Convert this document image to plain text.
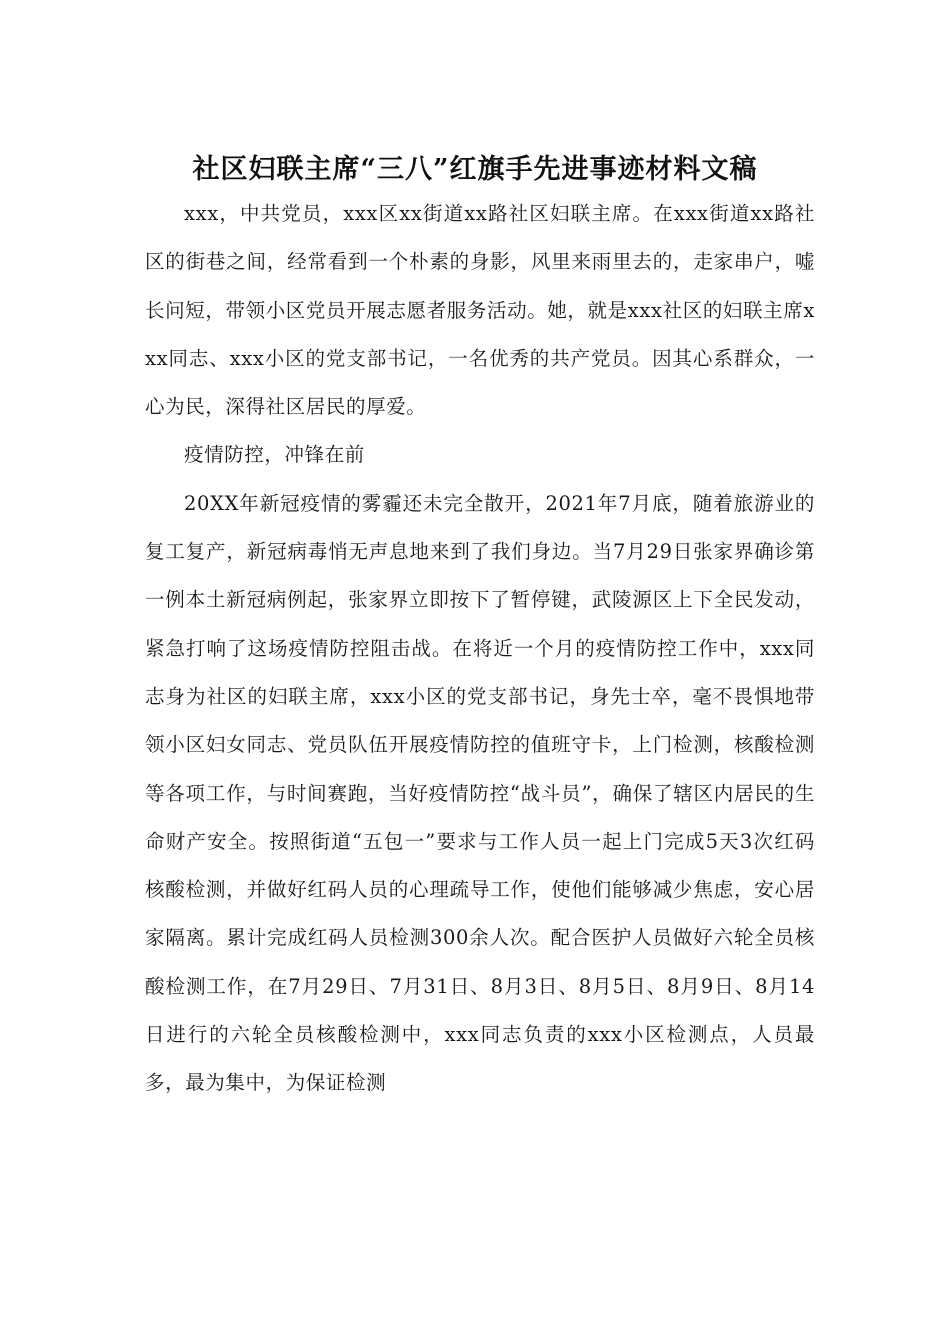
社区妇联主席“三八”红旗手先进事迹材料文稿

xxx，中共党员，xxx区xx街道xx路社区妇联主席。在xxx街道xx路社区的街巷之间，经常看到一个朴素的身影，风里来雨里去的，走家串户，嘘长问短，带领小区党员开展志愿者服务活动。她，就是xxx社区的妇联主席xxx同志、xxx小区的党支部书记，一名优秀的共产党员。因其心系群众，一心为民，深得社区居民的厚爱。

疫情防控，冲锋在前

20XX年新冠疫情的雾霾还未完全散开，2021年7月底，随着旅游业的复工复产，新冠病毒悄无声息地来到了我们身边。当7月29日张家界确诊第一例本土新冠病例起，张家界立即按下了暂停键，武陵源区上下全民发动，紧急打响了这场疫情防控阻击战。在将近一个月的疫情防控工作中，xxx同志身为社区的妇联主席，xxx小区的党支部书记，身先士卒，毫不畏惧地带领小区妇女同志、党员队伍开展疫情防控的值班守卡，上门检测，核酸检测等各项工作，与时间赛跑，当好疫情防控“战斗员”，确保了辖区内居民的生命财产安全。按照街道“五包一”要求与工作人员一起上门完成5天3次红码核酸检测，并做好红码人员的心理疏导工作，使他们能够减少焦虑，安心居家隔离。累计完成红码人员检测300余人次。配合医护人员做好六轮全员核酸检测工作，在7月29日、7月31日、8月3日、8月5日、8月9日、8月14日进行的六轮全员核酸检测中，xxx同志负责的xxx小区检测点，人员最多，最为集中，为保证检测
